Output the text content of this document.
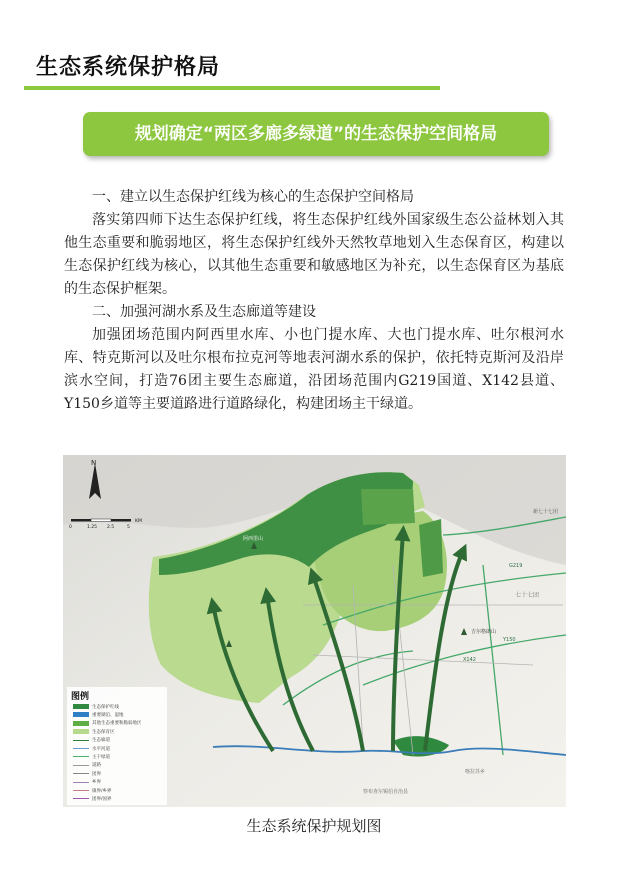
生态系统保护格局
规划确定“两区多廊多绿道”的生态保护空间格局

一、建立以生态保护红线为核心的生态保护空间格局

落实第四师下达生态保护红线，将生态保护红线外国家级生态公益林划入其他生态重要和脆弱地区，将生态保护红线外天然牧草地划入生态保育区，构建以生态保护红线为核心，以其他生态重要和敏感地区为补充，以生态保育区为基底的生态保护框架。

二、加强河湖水系及生态廊道等建设

加强团场范围内阿西里水库、小也门提水库、大也门提水库、吐尔根河水库、特克斯河以及吐尔根布拉克河等地表河湖水系的保护，依托特克斯河及沿岸滨水空间，打造76团主要生态廊道，沿团场范围内G219国道、X142县道、Y150乡道等主要道路进行道路绿化，构建团场主干绿道。

阿西里山
吉尔格朗山
七十七团
新七十七团
喀拉苏乡
察布查尔锡伯自治县
G219
X142
Y150
N
0	1.25 2.5	5
KM
图例
生态保护红线
重要湖泊、湿地
其他生态重要和脆弱地区
生态保育区
生态廊道
水平河道
主干绿道
道路
团界
乡界
镇界/乡界
团界/国界
生态系统保护规划图
